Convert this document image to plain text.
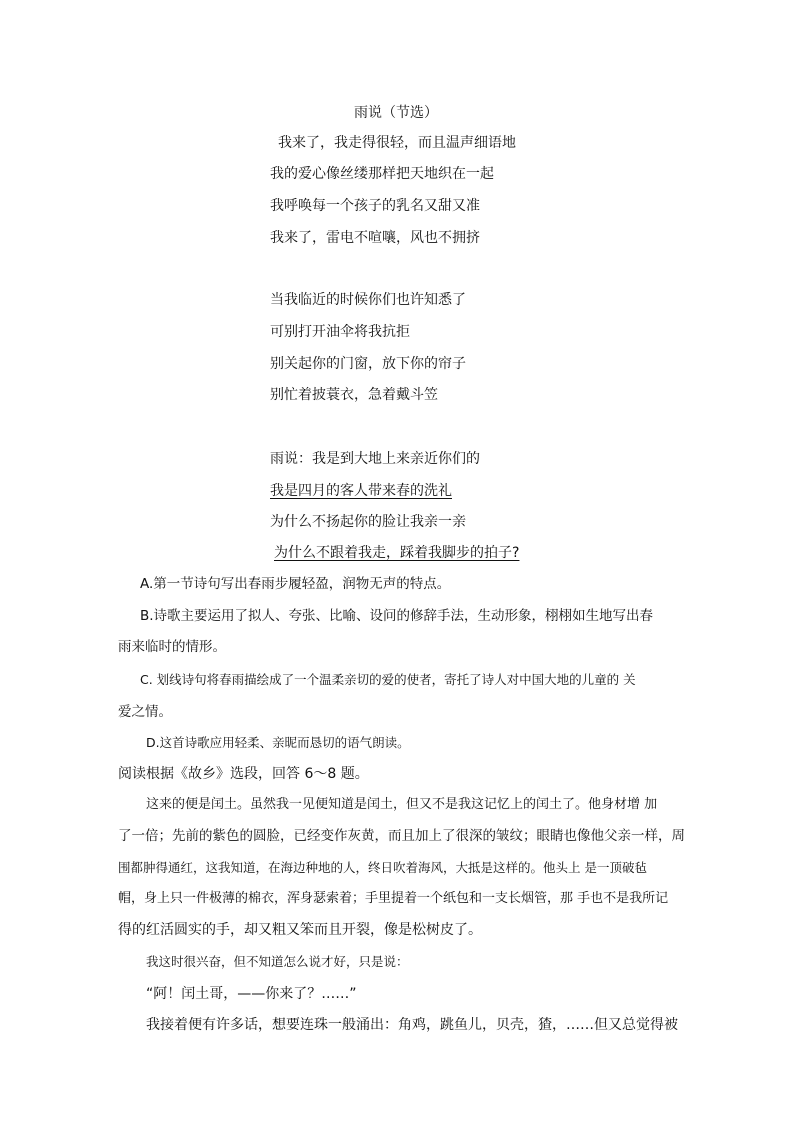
雨说（节选）
我来了，我走得很轻，而且温声细语地
我的爱心像丝缕那样把天地织在一起
我呼唤每一个孩子的乳名又甜又准
我来了，雷电不喧嚷，风也不拥挤
当我临近的时候你们也许知悉了
可别打开油伞将我抗拒
别关起你的门窗，放下你的帘子
别忙着披蓑衣，急着戴斗笠
雨说：我是到大地上来亲近你们的
我是四月的客人带来春的洗礼
为什么不扬起你的脸让我亲一亲
为什么不跟着我走，踩着我脚步的拍子?
A.第一节诗句写出春雨步履轻盈，润物无声的特点。
B.诗歌主要运用了拟人、夸张、比喻、设问的修辞手法，生动形象，栩栩如生地写出春
雨来临时的情形。
C. 划线诗句将春雨描绘成了一个温柔亲切的爱的使者，寄托了诗人对中国大地的儿童的 关
爱之情。
D.这首诗歌应用轻柔、亲昵而恳切的语气朗读。
阅读根据《故乡》选段，回答 6～8 题。
这来的便是闰土。虽然我一见便知道是闰土，但又不是我这记忆上的闰土了。他身材增 加
了一倍；先前的紫色的圆脸，已经变作灰黄，而且加上了很深的皱纹；眼睛也像他父亲一样，周
围都肿得通红，这我知道，在海边种地的人，终日吹着海风，大抵是这样的。他头上 是一顶破毡
帽，身上只一件极薄的棉衣，浑身瑟索着；手里提着一个纸包和一支长烟管，那 手也不是我所记
得的红活圆实的手，却又粗又笨而且开裂，像是松树皮了。
我这时很兴奋，但不知道怎么说才好，只是说：
“阿！闰土哥，——你来了？……”
我接着便有许多话，想要连珠一般涌出：角鸡，跳鱼儿，贝壳，猹，……但又总觉得被
